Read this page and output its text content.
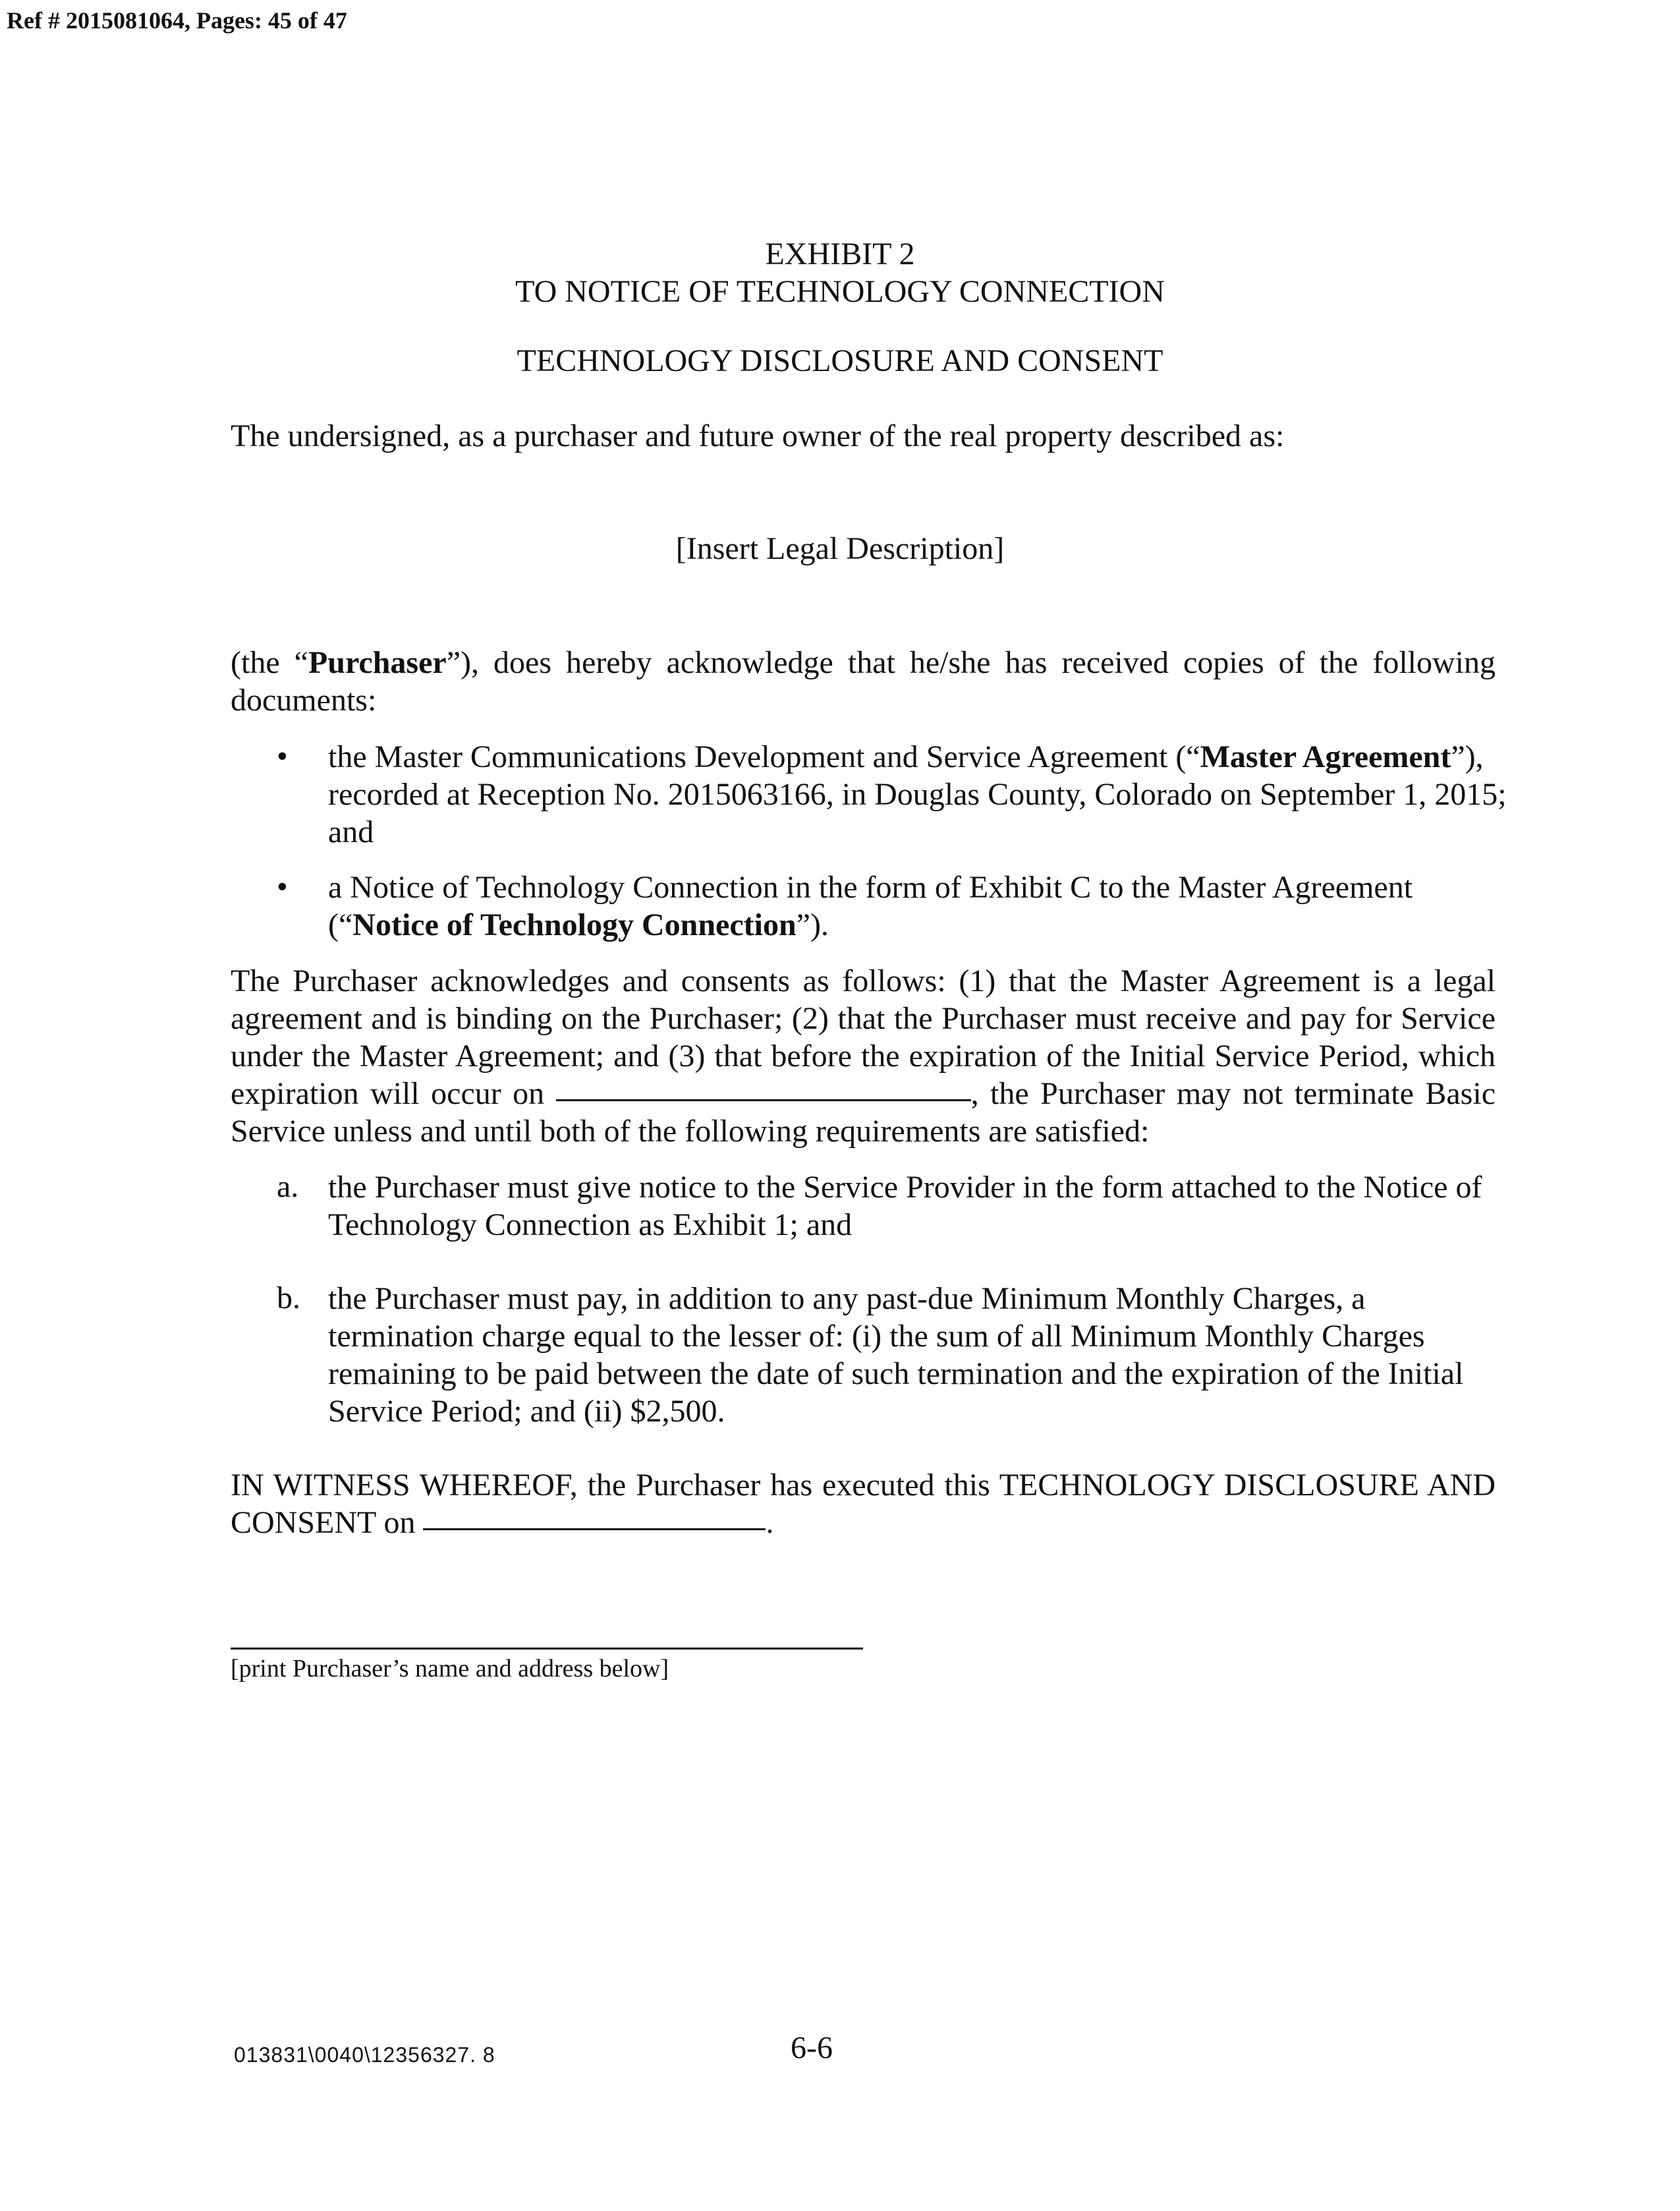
Ref # 2015081064, Pages: 45 of 47
EXHIBIT 2
TO NOTICE OF TECHNOLOGY CONNECTION
TECHNOLOGY DISCLOSURE AND CONSENT
The undersigned, as a purchaser and future owner of the real property described as:
[Insert Legal Description]
(the “Purchaser”), does hereby acknowledge that he/she has received copies of the following documents:
• the Master Communications Development and Service Agreement (“Master Agreement”), recorded at Reception No. 2015063166, in Douglas County, Colorado on September 1, 2015; and
• a Notice of Technology Connection in the form of Exhibit C to the Master Agreement (“Notice of Technology Connection”).
The Purchaser acknowledges and consents as follows: (1) that the Master Agreement is a legal agreement and is binding on the Purchaser; (2) that the Purchaser must receive and pay for Service under the Master Agreement; and (3) that before the expiration of the Initial Service Period, which expiration will occur on	, the Purchaser may not terminate Basic Service unless and until both of the following requirements are satisfied:
a. the Purchaser must give notice to the Service Provider in the form attached to the Notice of Technology Connection as Exhibit 1; and
b. the Purchaser must pay, in addition to any past-due Minimum Monthly Charges, a termination charge equal to the lesser of: (i) the sum of all Minimum Monthly Charges remaining to be paid between the date of such termination and the expiration of the Initial Service Period; and (ii) $2,500.
IN WITNESS WHEREOF, the Purchaser has executed this TECHNOLOGY DISCLOSURE AND CONSENT on	.
[print Purchaser’s name and address below]
013831\0040\12356327. 8	6-6
